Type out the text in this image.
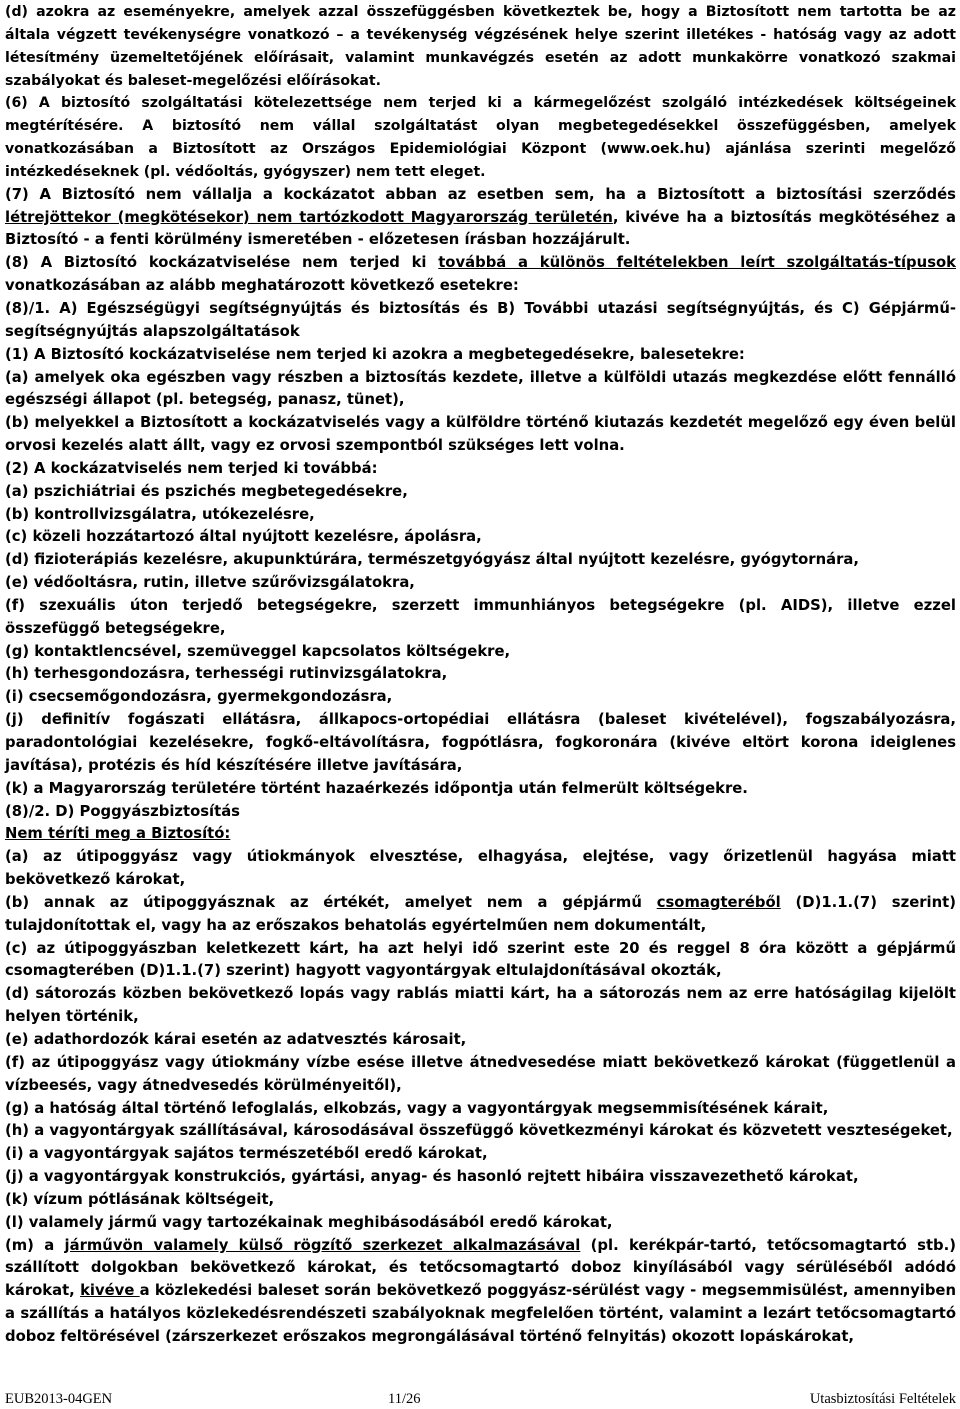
(d) azokra az eseményekre, amelyek azzal összefüggésben következtek be, hogy a Biztosított nem tartotta be az általa végzett tevékenységre vonatkozó – a tevékenység végzésének helye szerint illetékes - hatóság vagy az adott létesítmény üzemeltetőjének előírásait, valamint munkavégzés esetén az adott munkakörre vonatkozó szakmai szabályokat és baleset-megelőzési előírásokat.
(6) A biztosító szolgáltatási kötelezettsége nem terjed ki a kármegelőzést szolgáló intézkedések költségeinek megtérítésére. A biztosító nem vállal szolgáltatást olyan megbetegedésekkel összefüggésben, amelyek vonatkozásában a Biztosított az Országos Epidemiológiai Központ (www.oek.hu) ajánlása szerinti megelőző intézkedéseknek (pl. védőoltás, gyógyszer) nem tett eleget.
(7) A Biztosító nem vállalja a kockázatot abban az esetben sem, ha a Biztosított a biztosítási szerződés létrejöttekor (megkötésekor) nem tartózkodott Magyarország területén, kivéve ha a biztosítás megkötéséhez a Biztosító - a fenti körülmény ismeretében - előzetesen írásban hozzájárult.
(8) A Biztosító kockázatviselése nem terjed ki továbbá a különös feltételekben leírt szolgáltatás-típusok vonatkozásában az alább meghatározott következő esetekre:
(8)/1. A) Egészségügyi segítségnyújtás és biztosítás és B) További utazási segítségnyújtás, és C) Gépjármű-segítségnyújtás alapszolgáltatások
(1) A Biztosító kockázatviselése nem terjed ki azokra a megbetegedésekre, balesetekre:
(a) amelyek oka egészben vagy részben a biztosítás kezdete, illetve a külföldi utazás megkezdése előtt fennálló egészségi állapot (pl. betegség, panasz, tünet),
(b) melyekkel a Biztosított a kockázatviselés vagy a külföldre történő kiutazás kezdetét megelőző egy éven belül orvosi kezelés alatt állt, vagy ez orvosi szempontból szükséges lett volna.
(2) A kockázatviselés nem terjed ki továbbá:
(a) pszichiátriai és pszichés megbetegedésekre,
(b) kontrollvizsgálatra, utókezelésre,
(c) közeli hozzátartozó által nyújtott kezelésre, ápolásra,
(d) fizioterápiás kezelésre, akupunktúrára, természetgyógyász által nyújtott kezelésre, gyógytornára,
(e) védőoltásra, rutin, illetve szűrővizsgálatokra,
(f) szexuális úton terjedő betegségekre, szerzett immunhiányos betegségekre (pl. AIDS), illetve ezzel összefüggő betegségekre,
(g) kontaktlencsével, szemüveggel kapcsolatos költségekre,
(h) terhesgondozásra, terhességi rutinvizsgálatokra,
(i) csecsemőgondozásra, gyermekgondozásra,
(j) definitív fogászati ellátásra, állkapocs-ortopédiai ellátásra (baleset kivételével), fogszabályozásra, paradontológiai kezelésekre, fogkő-eltávolításra, fogpótlásra, fogkoronára (kivéve eltört korona ideiglenes javítása), protézis és híd készítésére illetve javítására,
(k) a Magyarország területére történt hazaérkezés időpontja után felmerült költségekre.
(8)/2. D) Poggyászbiztosítás
Nem téríti meg a Biztosító:
(a) az útipoggyász vagy útiokmányok elvesztése, elhagyása, elejtése, vagy őrizetlenül hagyása miatt bekövetkező károkat,
(b) annak az útipoggyásznak az értékét, amelyet nem a gépjármű csomagteréből (D)1.1.(7) szerint) tulajdonítottak el, vagy ha az erőszakos behatolás egyértelműen nem dokumentált,
(c) az útipoggyászban keletkezett kárt, ha azt helyi idő szerint este 20 és reggel 8 óra között a gépjármű csomagterében (D)1.1.(7) szerint) hagyott vagyontárgyak eltulajdonításával okozták,
(d) sátorozás közben bekövetkező lopás vagy rablás miatti kárt, ha a sátorozás nem az erre hatóságilag kijelölt helyen történik,
(e) adathordozók kárai esetén az adatvesztés károsait,
(f) az útipoggyász vagy útiokmány vízbe esése illetve átnedvesedése miatt bekövetkező károkat (függetlenül a vízbeesés, vagy átnedvesedés körülményeitől),
(g) a hatóság által történő lefoglalás, elkobzás, vagy a vagyontárgyak megsemmisítésének kárait,
(h) a vagyontárgyak szállításával, károsodásával összefüggő következményi károkat és közvetett veszteségeket,
(i) a vagyontárgyak sajátos természetéből eredő károkat,
(j) a vagyontárgyak konstrukciós, gyártási, anyag- és hasonló rejtett hibáira visszavezethető károkat,
(k) vízum pótlásának költségeit,
(l) valamely jármű vagy tartozékainak meghibásodásából eredő károkat,
(m) a járművön valamely külső rögzítő szerkezet alkalmazásával (pl. kerékpár-tartó, tetőcsomagtartó stb.) szállított dolgokban bekövetkező károkat, és tetőcsomagtartó doboz kinyílásából vagy sérüléséből adódó károkat, kivéve a közlekedési baleset során bekövetkező poggyász-sérülést vagy - megsemmisülést, amennyiben a szállítás a hatályos közlekedésrendészeti szabályoknak megfelelően történt, valamint a lezárt tetőcsomagtartó doboz feltörésével (zárszerkezet erőszakos megrongálásával történő felnyitás) okozott lopáskárokat,
EUB2013-04GEN	11/26	Utasbiztosítási Feltételek
